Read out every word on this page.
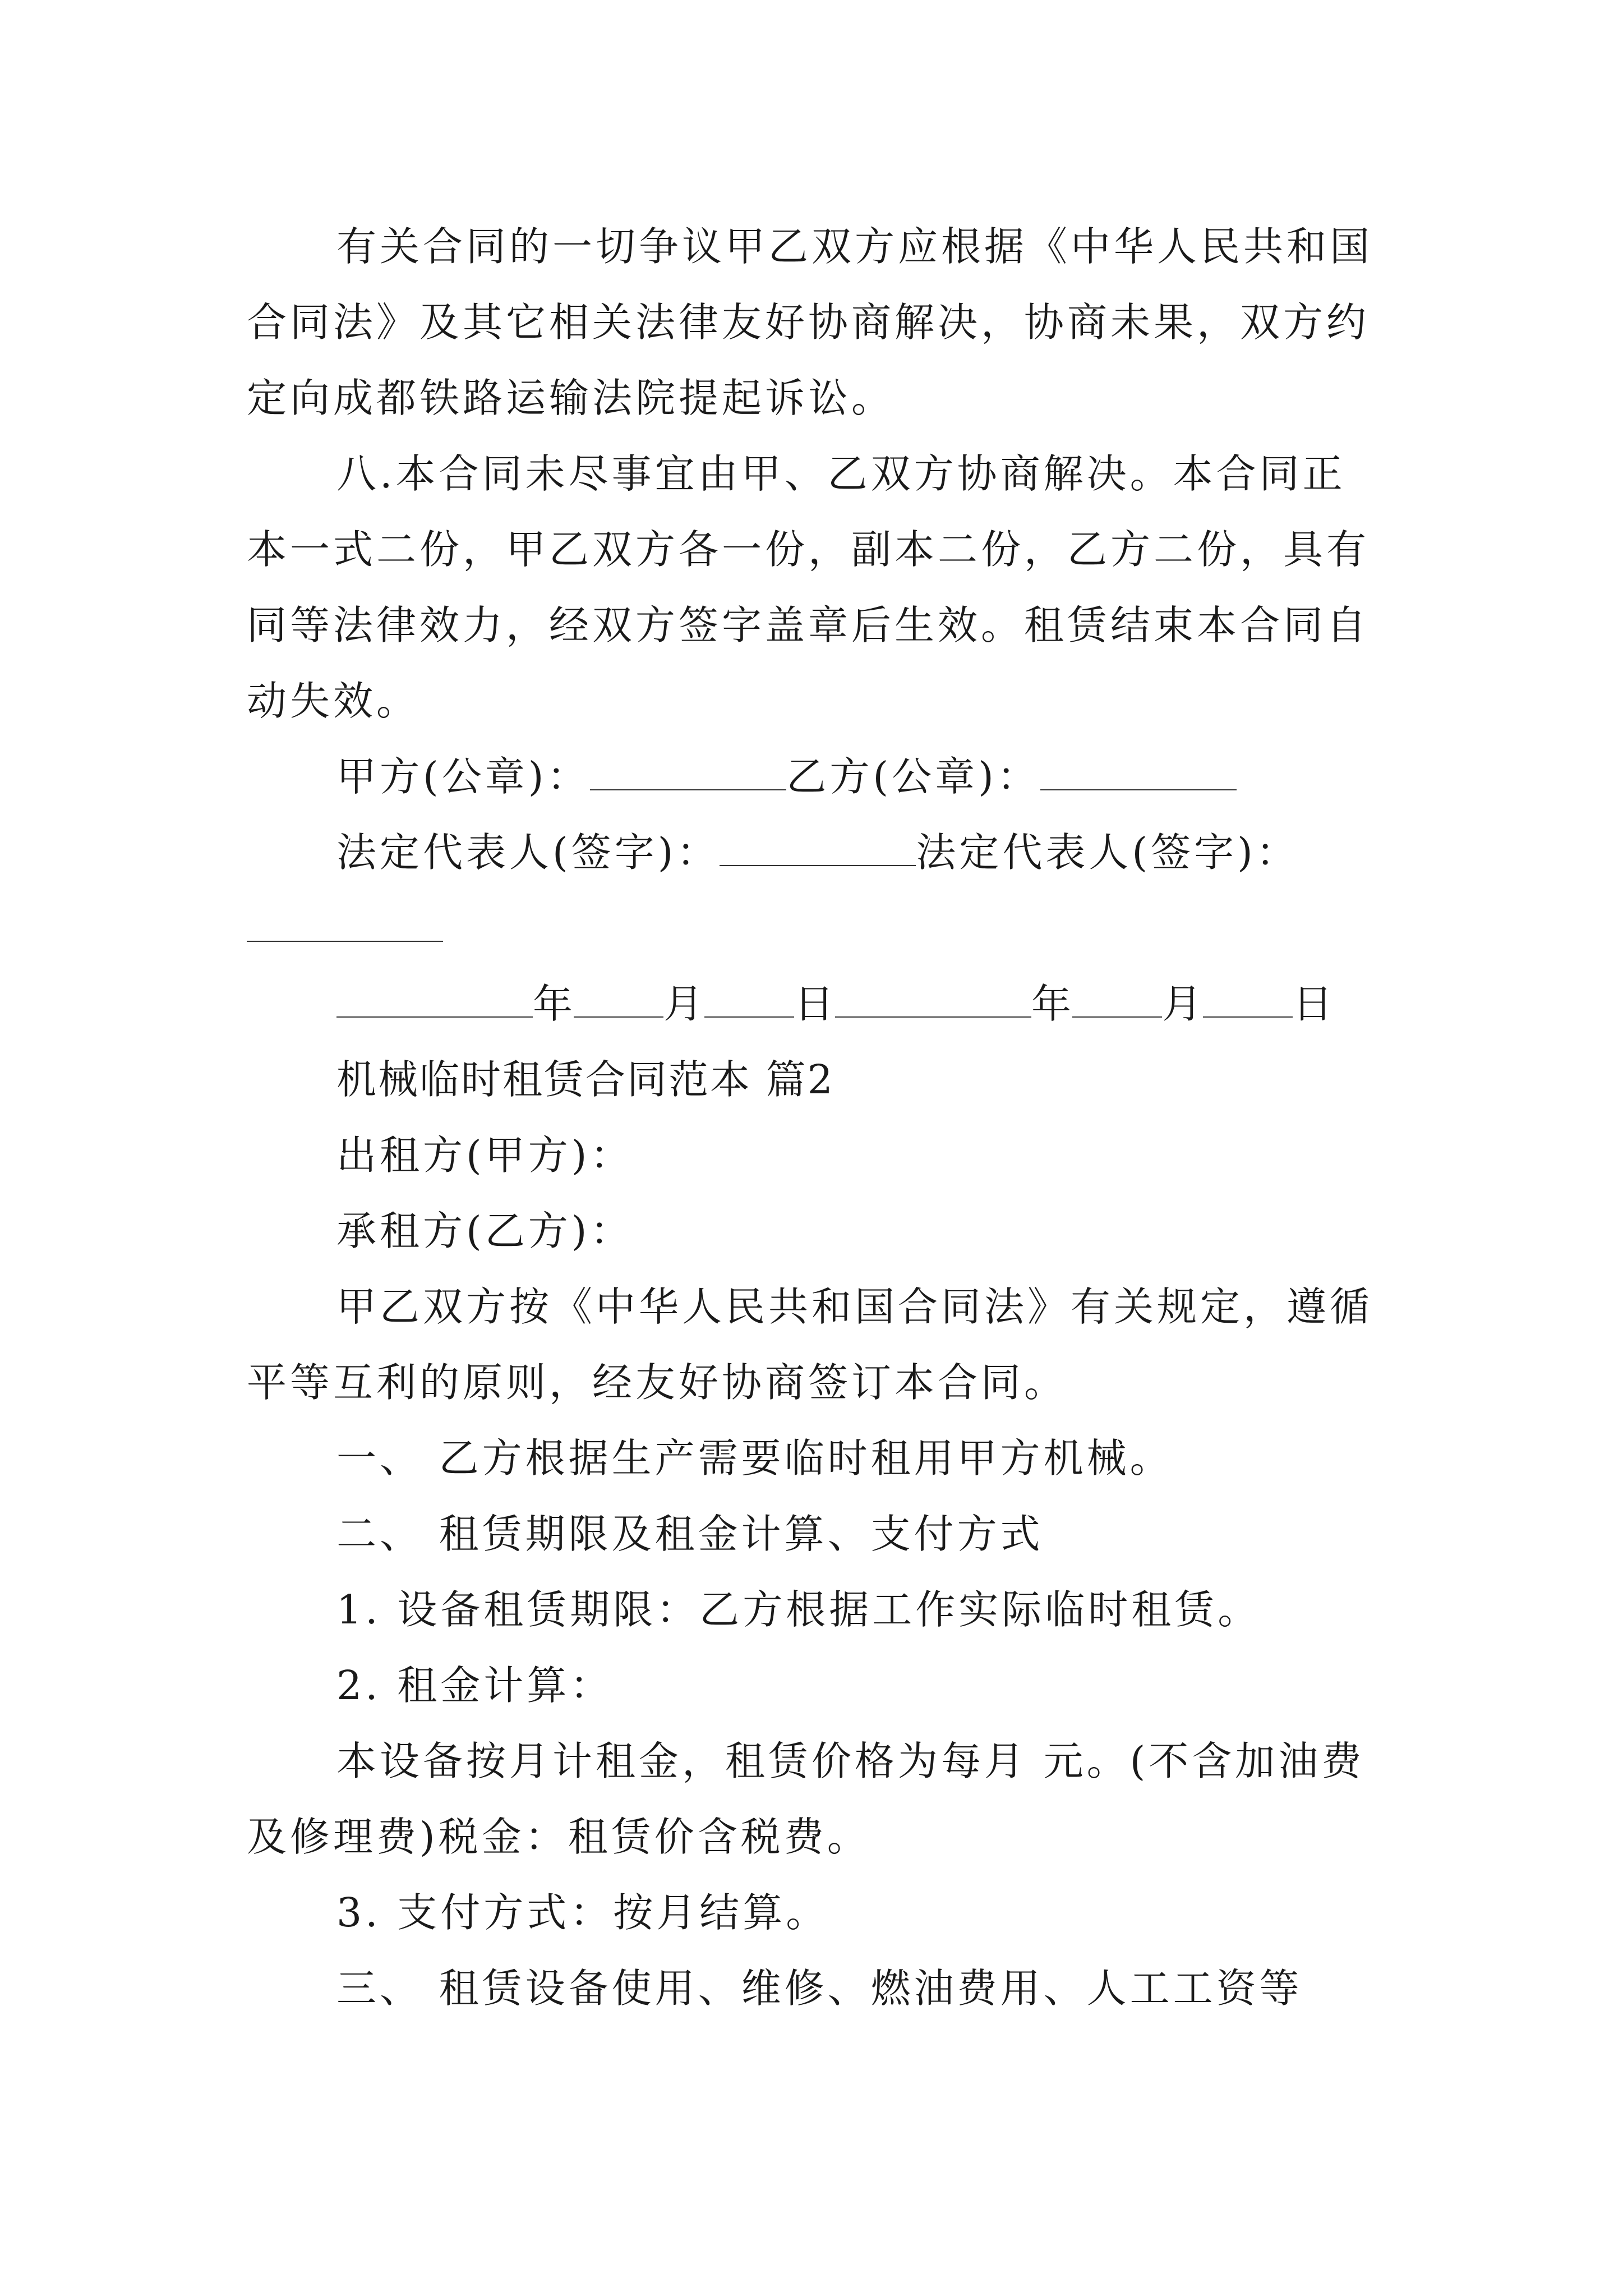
有关合同的一切争议甲乙双方应根据《中华人民共和国
合同法》及其它相关法律友好协商解决，协商未果，双方约
定向成都铁路运输法院提起诉讼。
八.本合同未尽事宜由甲、乙双方协商解决。本合同正
本一式二份，甲乙双方各一份，副本二份，乙方二份，具有
同等法律效力，经双方签字盖章后生效。租赁结束本合同自
动失效。
甲方(公章)：	乙方(公章)：
法定代表人(签字)：	法定代表人(签字)：
年 月 日	年 月 日
机械临时租赁合同范本 篇2
出租方(甲方)：
承租方(乙方)：
甲乙双方按《中华人民共和国合同法》有关规定，遵循
平等互利的原则，经友好协商签订本合同。
一、 乙方根据生产需要临时租用甲方机械。
二、 租赁期限及租金计算、支付方式
1. 设备租赁期限：乙方根据工作实际临时租赁。
2. 租金计算：
本设备按月计租金，租赁价格为每月 元。(不含加油费
及修理费)税金：租赁价含税费。
3. 支付方式：按月结算。
三、 租赁设备使用、维修、燃油费用、人工工资等
